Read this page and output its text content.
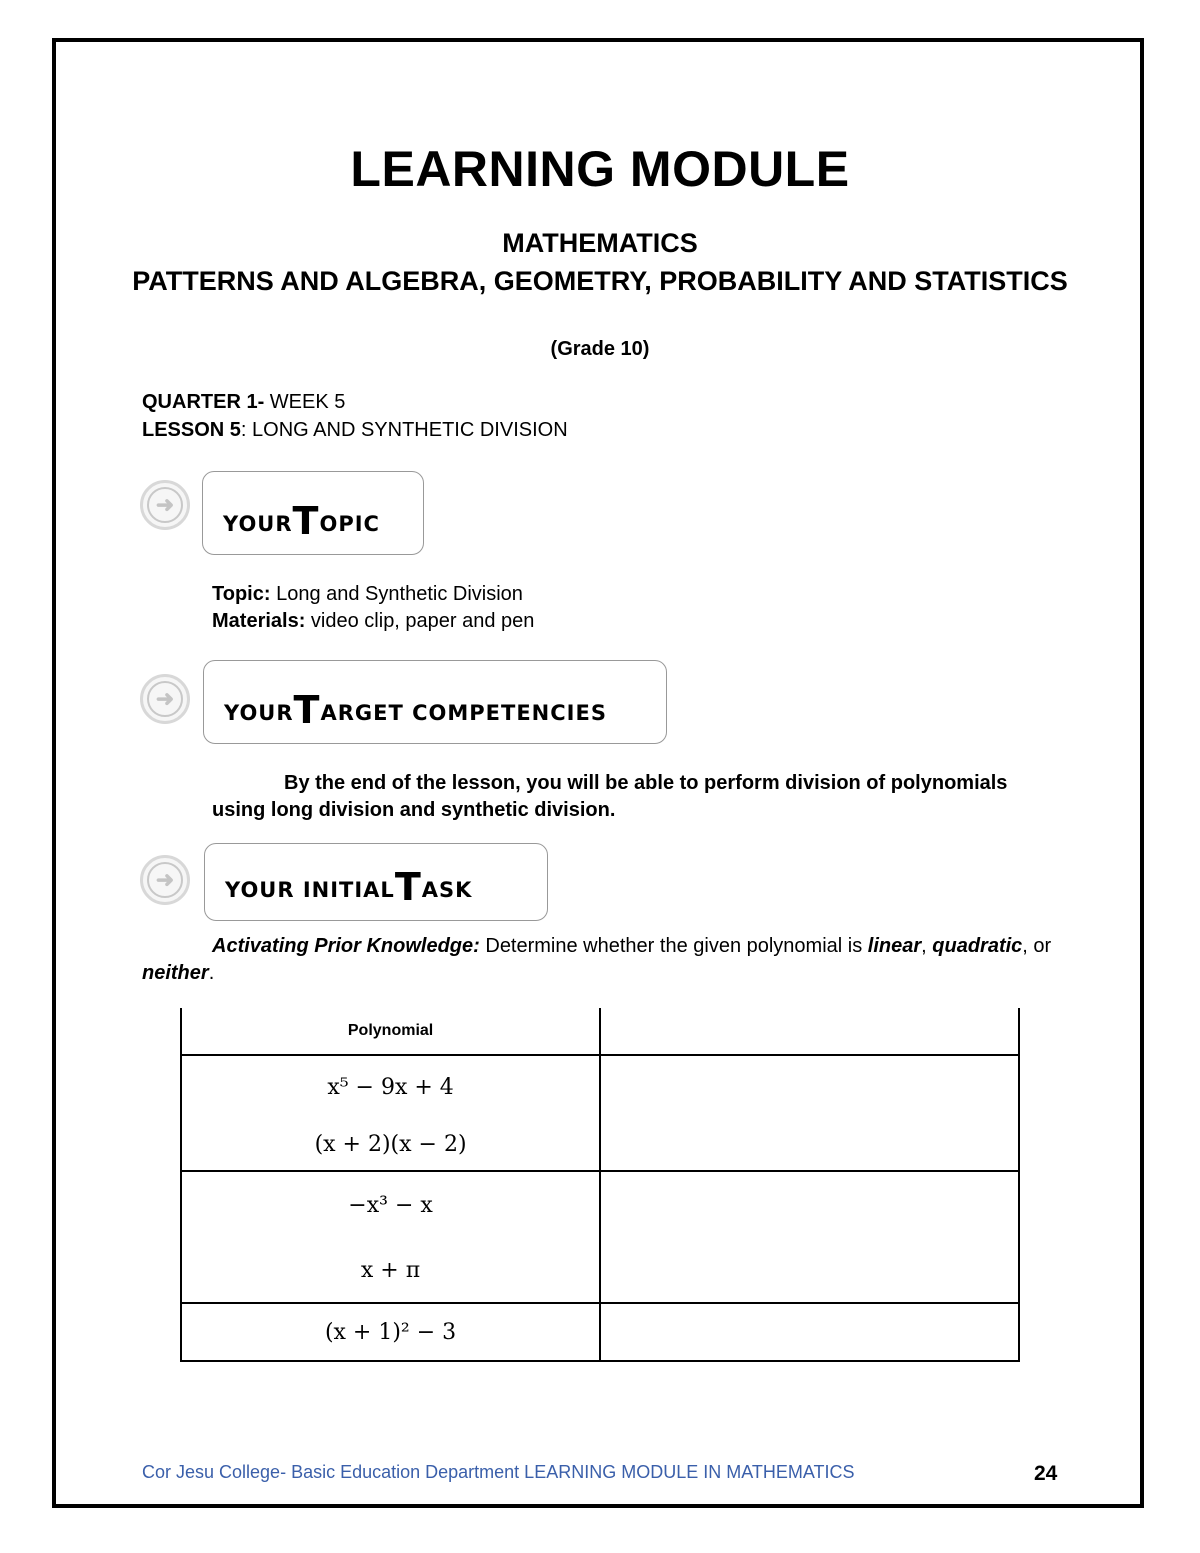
LEARNING MODULE
MATHEMATICS
PATTERNS AND ALGEBRA, GEOMETRY, PROBABILITY AND STATISTICS
(Grade 10)
QUARTER 1- WEEK 5
LESSON 5: LONG AND SYNTHETIC DIVISION
➜
YOUR T OPIC
Topic: Long and Synthetic Division
Materials: video clip, paper and pen
➜
YOUR T ARGET COMPETENCIES
By the end of the lesson, you will be able to perform division of polynomials using long division and synthetic division.
➜	YOUR INITIAL T ASK
Activating Prior Knowledge: Determine whether the given polynomial is linear, quadratic, or neither.
Polynomial	
x⁵ − 9x + 4	
(x + 2)(x − 2)	
−x³ − x	
x + π	
(x + 1)² − 3	
Cor Jesu College- Basic Education Department LEARNING MODULE IN MATHEMATICS	24
